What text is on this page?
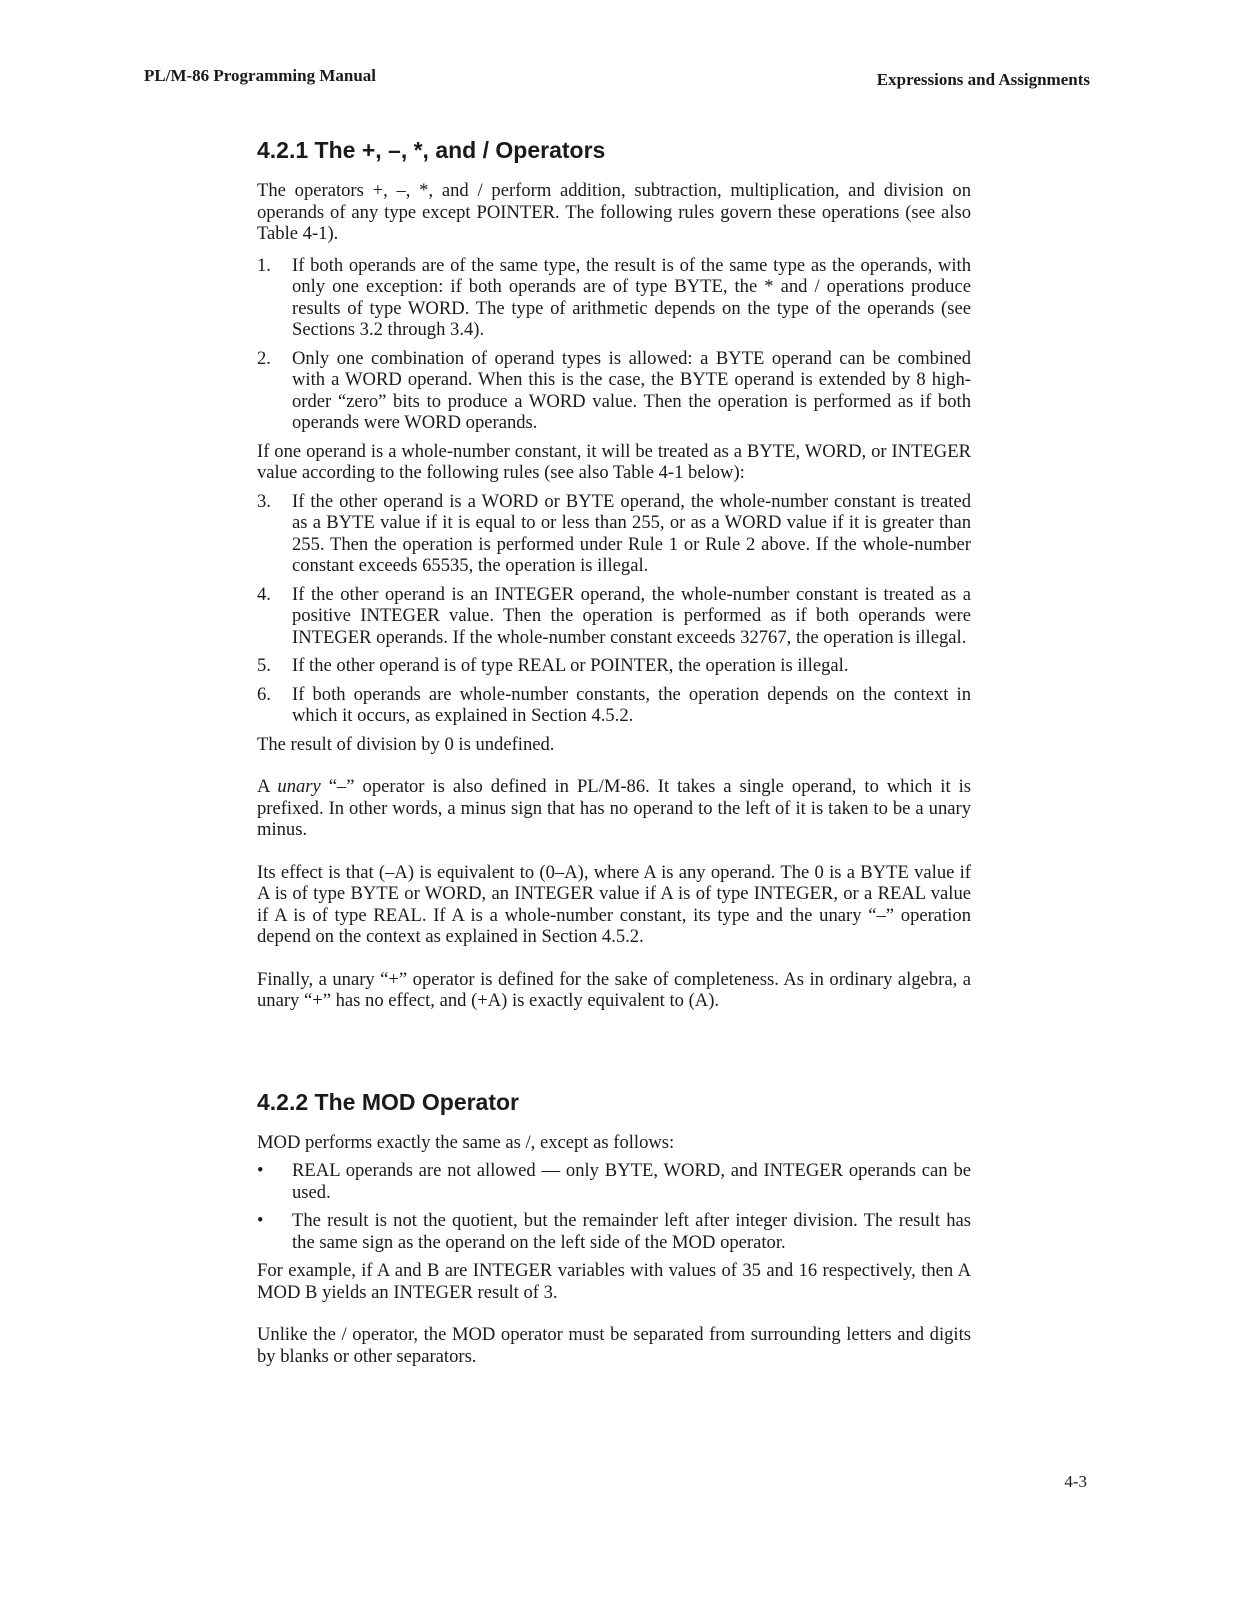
PL/M-86 Programming Manual	Expressions and Assignments
4.2.1 The +, –, *, and / Operators

The operators +, –, *, and / perform addition, subtraction, multiplication, and division on operands of any type except POINTER. The following rules govern these operations (see also Table 4-1).

1.	If both operands are of the same type, the result is of the same type as the operands, with only one exception: if both operands are of type BYTE, the * and / operations produce results of type WORD. The type of arithmetic depends on the type of the operands (see Sections 3.2 through 3.4).
2.	Only one combination of operand types is allowed: a BYTE operand can be combined with a WORD operand. When this is the case, the BYTE operand is extended by 8 high-order “zero” bits to produce a WORD value. Then the operation is performed as if both operands were WORD operands.

If one operand is a whole-number constant, it will be treated as a BYTE, WORD, or INTEGER value according to the following rules (see also Table 4-1 below):

3.	If the other operand is a WORD or BYTE operand, the whole-number constant is treated as a BYTE value if it is equal to or less than 255, or as a WORD value if it is greater than 255. Then the operation is performed under Rule 1 or Rule 2 above. If the whole-number constant exceeds 65535, the operation is illegal.
4.	If the other operand is an INTEGER operand, the whole-number constant is treated as a positive INTEGER value. Then the operation is performed as if both operands were INTEGER operands. If the whole-number constant exceeds 32767, the operation is illegal.
5.	If the other operand is of type REAL or POINTER, the operation is illegal.
6.	If both operands are whole-number constants, the operation depends on the context in which it occurs, as explained in Section 4.5.2.

The result of division by 0 is undefined.

A unary “–” operator is also defined in PL/M-86. It takes a single operand, to which it is prefixed. In other words, a minus sign that has no operand to the left of it is taken to be a unary minus.

Its effect is that (–A) is equivalent to (0–A), where A is any operand. The 0 is a BYTE value if A is of type BYTE or WORD, an INTEGER value if A is of type INTEGER, or a REAL value if A is of type REAL. If A is a whole-number constant, its type and the unary “–” operation depend on the context as explained in Section 4.5.2.

Finally, a unary “+” operator is defined for the sake of completeness. As in ordinary algebra, a unary “+” has no effect, and (+A) is exactly equivalent to (A).

4.2.2 The MOD Operator

MOD performs exactly the same as /, except as follows:

•	REAL operands are not allowed — only BYTE, WORD, and INTEGER operands can be used.
•	The result is not the quotient, but the remainder left after integer division. The result has the same sign as the operand on the left side of the MOD operator.

For example, if A and B are INTEGER variables with values of 35 and 16 respectively, then A MOD B yields an INTEGER result of 3.

Unlike the / operator, the MOD operator must be separated from surrounding letters and digits by blanks or other separators.

4-3
